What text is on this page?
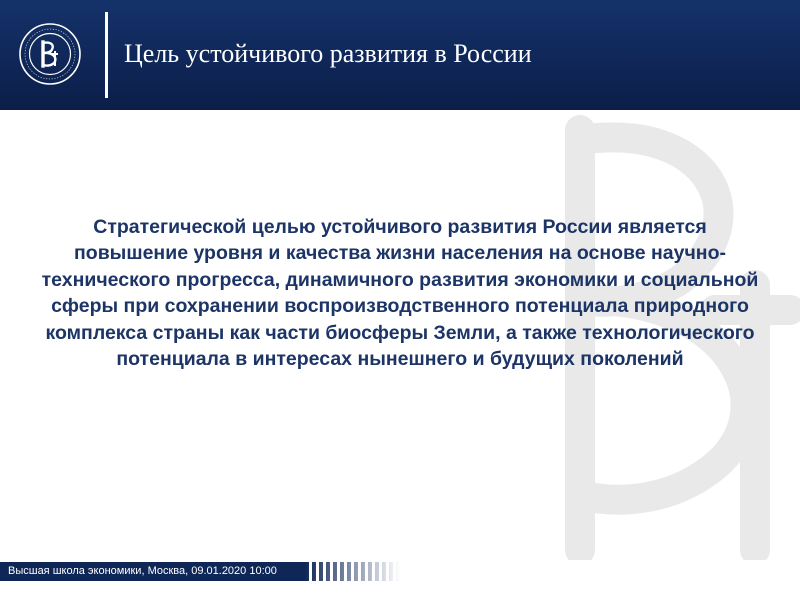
Цель устойчивого развития в России
Стратегической целью устойчивого развития России является повышение уровня и качества жизни населения на основе научно-технического прогресса, динамичного развития экономики и социальной сферы при сохранении воспроизводственного потенциала природного комплекса страны как части биосферы Земли, а также технологического потенциала в интересах нынешнего и будущих поколений
Высшая школа экономики, Москва, 09.01.2020 10:00
